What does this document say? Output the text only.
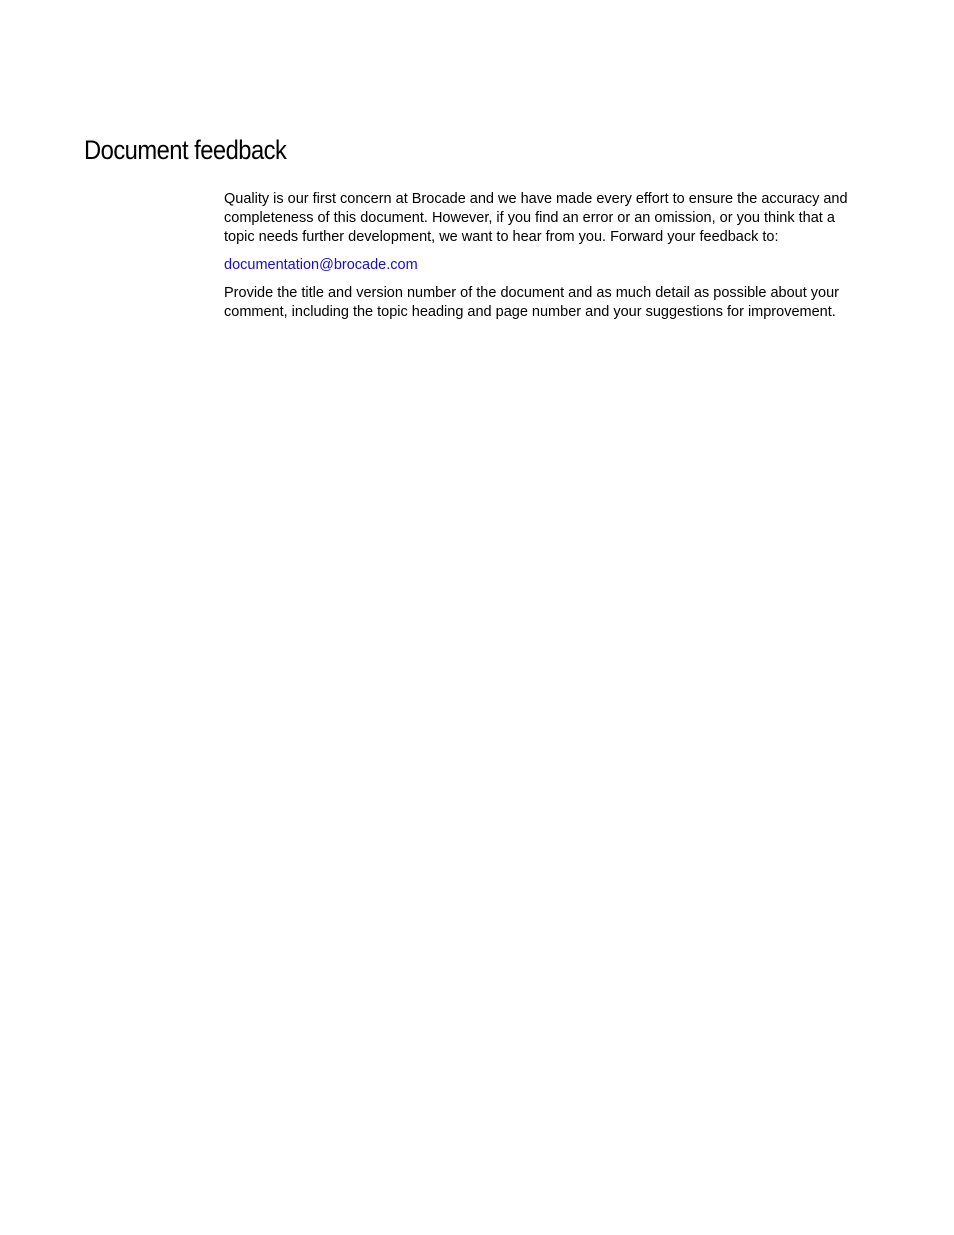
Document feedback

Quality is our first concern at Brocade and we have made every effort to ensure the accuracy and completeness of this document. However, if you find an error or an omission, or you think that a topic needs further development, we want to hear from you. Forward your feedback to:

documentation@brocade.com

Provide the title and version number of the document and as much detail as possible about your comment, including the topic heading and page number and your suggestions for improvement.
